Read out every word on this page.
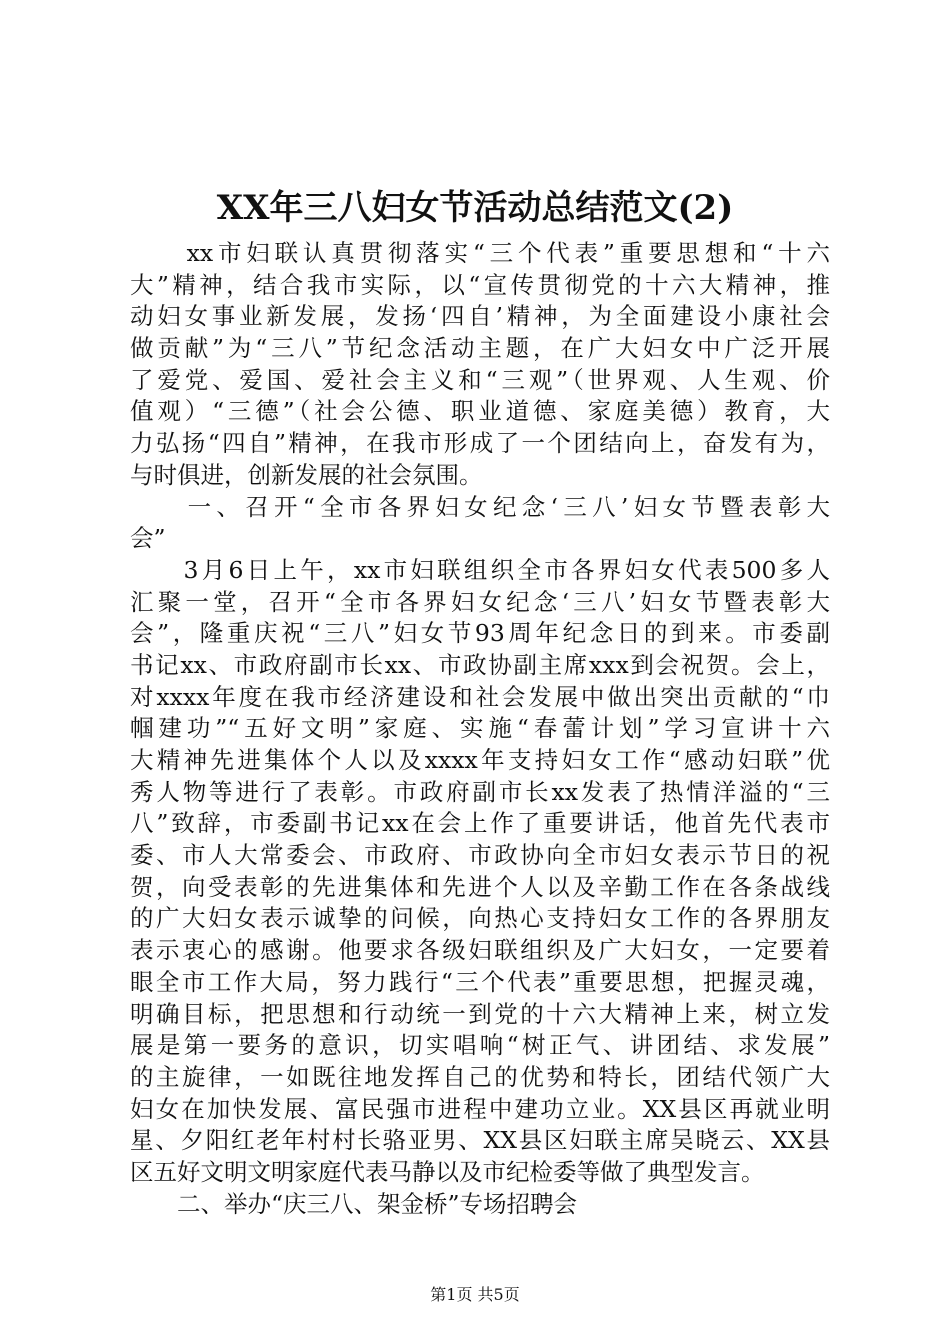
XX年三八妇女节活动总结范文(2)
　　xx市妇联认真贯彻落实“三个代表”重要思想和“十六
大”精神，结合我市实际，以“宣传贯彻党的十六大精神，推
动妇女事业新发展，发扬‘四自’精神，为全面建设小康社会
做贡献”为“三八”节纪念活动主题，在广大妇女中广泛开展
了爱党、爱国、爱社会主义和“三观”（世界观、人生观、价
值观）“三德”（社会公德、职业道德、家庭美德）教育，大
力弘扬“四自”精神，在我市形成了一个团结向上，奋发有为，
与时俱进，创新发展的社会氛围。
　　一、召开“全市各界妇女纪念‘三八’妇女节暨表彰大
会”
　　3月6日上午，xx市妇联组织全市各界妇女代表500多人
汇聚一堂，召开“全市各界妇女纪念‘三八’妇女节暨表彰大
会”，隆重庆祝“三八”妇女节93周年纪念日的到来。市委副
书记xx、市政府副市长xx、市政协副主席xxx到会祝贺。会上，
对xxxx年度在我市经济建设和社会发展中做出突出贡献的“巾
帼建功”“五好文明”家庭、实施“春蕾计划”学习宣讲十六
大精神先进集体个人以及xxxx年支持妇女工作“感动妇联”优
秀人物等进行了表彰。市政府副市长xx发表了热情洋溢的“三
八”致辞，市委副书记xx在会上作了重要讲话，他首先代表市
委、市人大常委会、市政府、市政协向全市妇女表示节日的祝
贺，向受表彰的先进集体和先进个人以及辛勤工作在各条战线
的广大妇女表示诚挚的问候，向热心支持妇女工作的各界朋友
表示衷心的感谢。他要求各级妇联组织及广大妇女，一定要着
眼全市工作大局，努力践行“三个代表”重要思想，把握灵魂，
明确目标，把思想和行动统一到党的十六大精神上来，树立发
展是第一要务的意识，切实唱响“树正气、讲团结、求发展”
的主旋律，一如既往地发挥自己的优势和特长，团结代领广大
妇女在加快发展、富民强市进程中建功立业。XX县区再就业明
星、夕阳红老年村村长骆亚男、XX县区妇联主席吴晓云、XX县
区五好文明文明家庭代表马静以及市纪检委等做了典型发言。
　　二、举办“庆三八、架金桥”专场招聘会
第1页 共5页
